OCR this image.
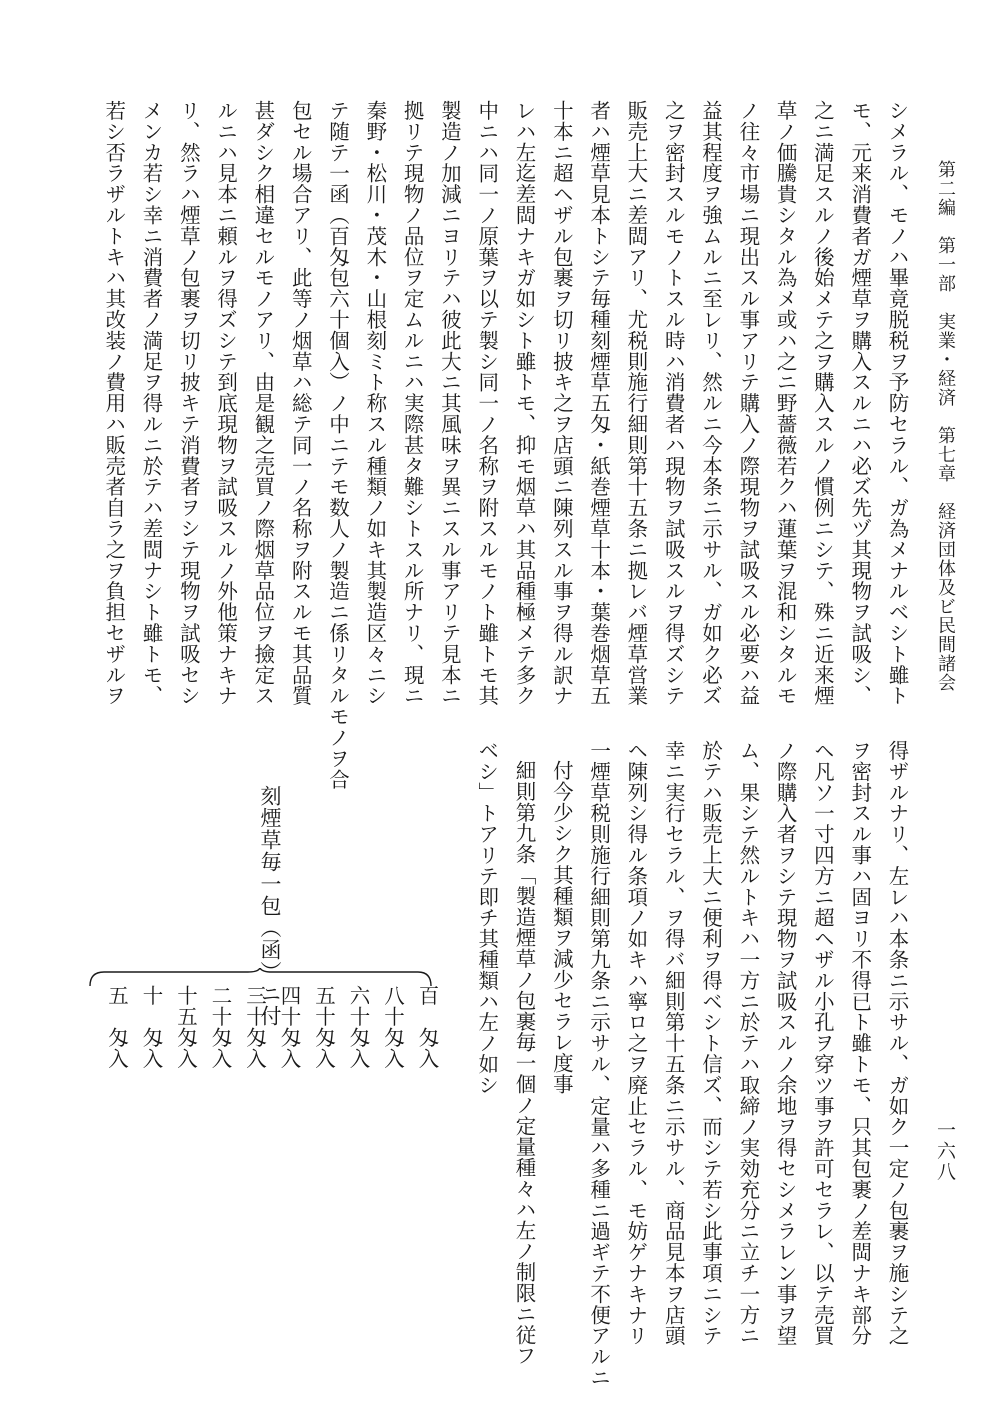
第二編　第一部　実業・経済　第七章　経済団体及ビ民間諸会
一六八
シメラル、モノハ畢竟脱税ヲ予防セラル、ガ為メナルベシト雖ト
モ、元来消費者ガ煙草ヲ購入スルニハ必ズ先ヅ其現物ヲ試吸シ、
之ニ満足スルノ後始メテ之ヲ購入スルノ慣例ニシテ、殊ニ近来煙
草ノ価騰貴シタル為メ或ハ之ニ野薔薇若クハ蓮葉ヲ混和シタルモ
ノ往々市場ニ現出スル事アリテ購入ノ際現物ヲ試吸スル必要ハ益
益其程度ヲ強ムルニ至レリ、然ルニ今本条ニ示サル、ガ如ク必ズ
之ヲ密封スルモノトスル時ハ消費者ハ現物ヲ試吸スルヲ得ズシテ
販売上大ニ差閊アリ、尤税則施行細則第十五条ニ拠レバ煙草営業
者ハ煙草見本トシテ毎種刻煙草五匁・紙巻煙草十本・葉巻烟草五
十本ニ超ヘザル包裹ヲ切リ披キ之ヲ店頭ニ陳列スル事ヲ得ル訳ナ
レハ左迄差閊ナキガ如シト雖トモ、抑モ烟草ハ其品種極メテ多ク
中ニハ同一ノ原葉ヲ以テ製シ同一ノ名称ヲ附スルモノト雖トモ其
製造ノ加減ニヨリテハ彼此大ニ其風味ヲ異ニスル事アリテ見本ニ
拠リテ現物ノ品位ヲ定ムルニハ実際甚タ難シトスル所ナリ、現ニ
秦野・松川・茂木・山根刻ミト称スル種類ノ如キ其製造区々ニシ
テ随テ一函（百匁包六十個入）ノ中ニテモ数人ノ製造ニ係リタルモノヲ合
包セル場合アリ、此等ノ烟草ハ総テ同一ノ名称ヲ附スルモ其品質
甚ダシク相違セルモノアリ、由是観之売買ノ際烟草品位ヲ撿定ス
ルニハ見本ニ頼ルヲ得ズシテ到底現物ヲ試吸スルノ外他策ナキナ
リ、然ラハ煙草ノ包裹ヲ切リ披キテ消費者ヲシテ現物ヲ試吸セシ
メンカ若シ幸ニ消費者ノ満足ヲ得ルニ於テハ差閊ナシト雖トモ、
若シ否ラザルトキハ其改装ノ費用ハ販売者自ラ之ヲ負担セザルヲ
得ザルナリ、左レハ本条ニ示サル、ガ如ク一定ノ包裹ヲ施シテ之
ヲ密封スル事ハ固ヨリ不得已ト雖トモ、只其包裹ノ差閊ナキ部分
ヘ凡ソ一寸四方ニ超ヘザル小孔ヲ穿ツ事ヲ許可セラレ、以テ売買
ノ際購入者ヲシテ現物ヲ試吸スルノ余地ヲ得セシメラレン事ヲ望
ム、果シテ然ルトキハ一方ニ於テハ取締ノ実効充分ニ立チ一方ニ
於テハ販売上大ニ便利ヲ得ベシト信ズ、而シテ若シ此事項ニシテ
幸ニ実行セラル、ヲ得バ細則第十五条ニ示サル、商品見本ヲ店頭
ヘ陳列シ得ル条項ノ如キハ寧ロ之ヲ廃止セラル、モ妨ゲナキナリ
一煙草税則施行細則第九条ニ示サル、定量ハ多種ニ過ギテ不便アルニ
付今少シク其種類ヲ減少セラレ度事
細則第九条「製造煙草ノ包裹毎一個ノ定量種々ハ左ノ制限ニ従フ
ベシ」トアリテ即チ其種類ハ左ノ如シ
刻煙草毎一包（函）ニ付	百　匁入
八十匁入
六十匁入
五十匁入
四十匁入
三十匁入
二十匁入
十五匁入
十　匁入
五　匁入
